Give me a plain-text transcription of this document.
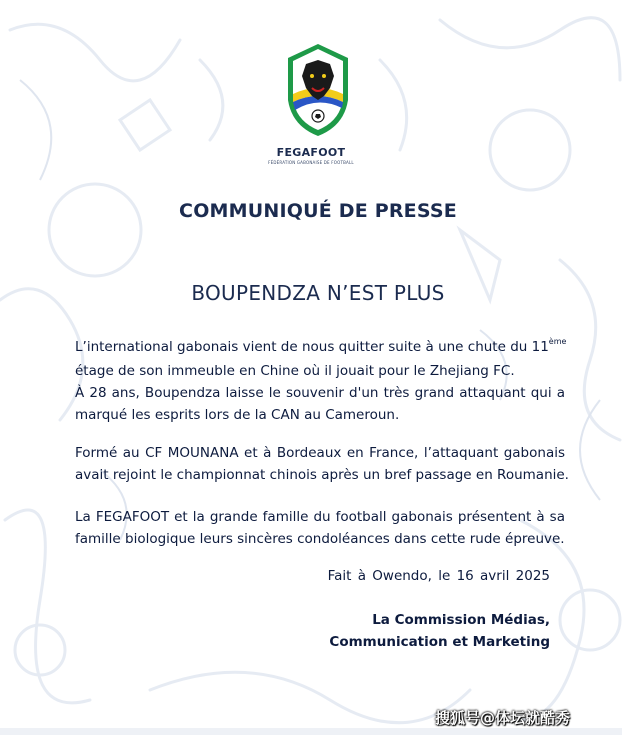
FEGAFOOT
FÉDÉRATION GABONAISE DE FOOTBALL
COMMUNIQUÉ DE PRESSE
BOUPENDZA N’EST PLUS
L’international gabonais vient de nous quitter suite à une chute du 11ème
étage de son immeuble en Chine où il jouait pour le Zhejiang FC.
À 28 ans, Boupendza laisse le souvenir d'un très grand attaquant qui a
marqué les esprits lors de la CAN au Cameroun.
Formé au CF MOUNANA et à Bordeaux en France, l’attaquant gabonais
avait rejoint le championnat chinois après un bref passage en Roumanie.
La FEGAFOOT et la grande famille du football gabonais présentent à sa
famille biologique leurs sincères condoléances dans cette rude épreuve.
Fait à Owendo, le 16 avril 2025
La Commission Médias,
Communication et Marketing
搜狐号@体坛就酷秀
